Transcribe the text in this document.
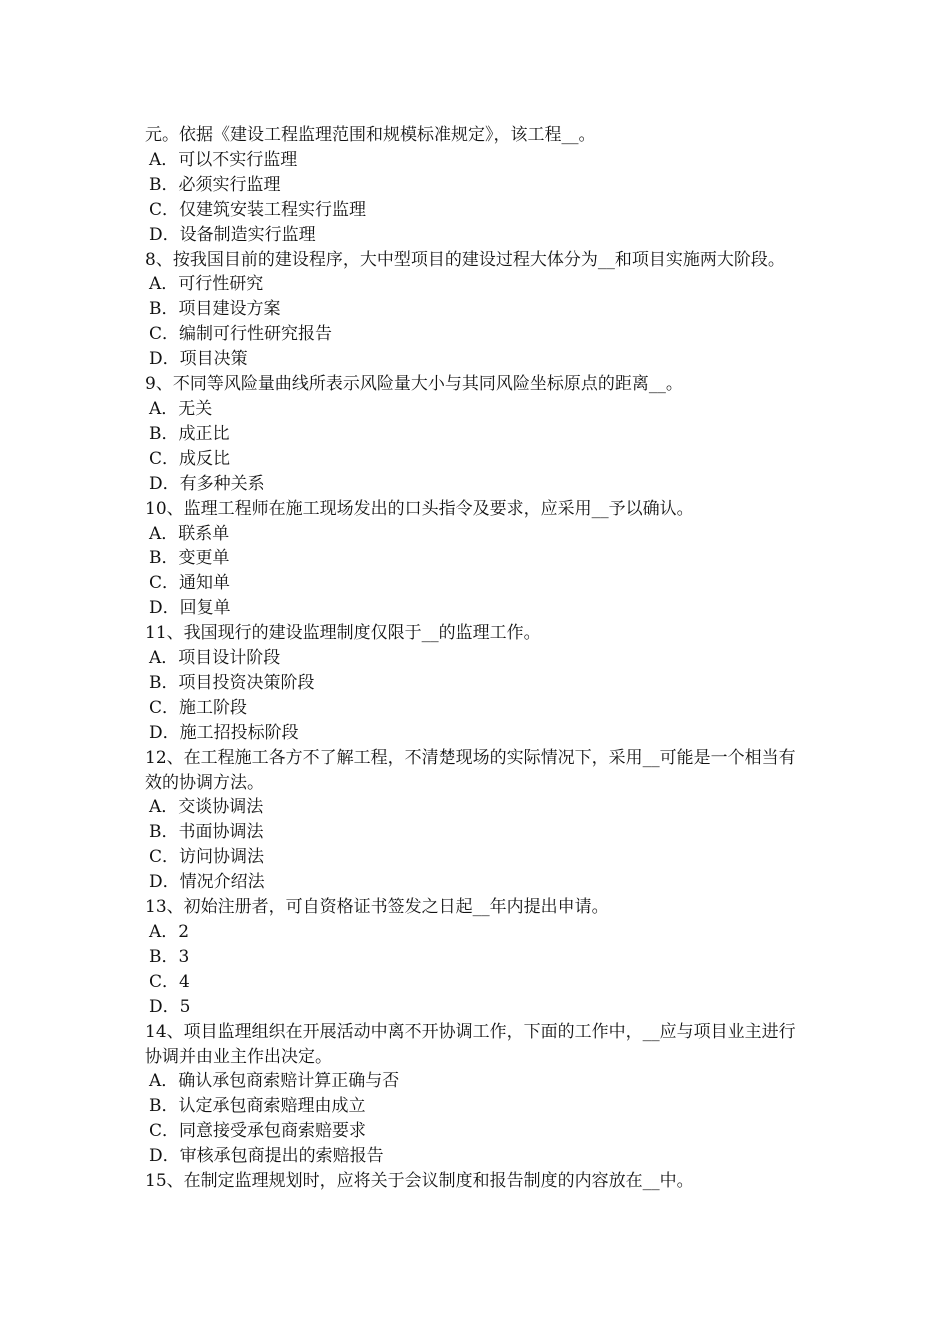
元。依据《建设工程监理范围和规模标准规定》，该工程__。

A．可以不实行监理

B．必须实行监理

C．仅建筑安装工程实行监理

D．设备制造实行监理

8、按我国目前的建设程序，大中型项目的建设过程大体分为__和项目实施两大阶段。

A．可行性研究

B．项目建设方案

C．编制可行性研究报告

D．项目决策

9、不同等风险量曲线所表示风险量大小与其同风险坐标原点的距离__。

A．无关

B．成正比

C．成反比

D．有多种关系

10、监理工程师在施工现场发出的口头指令及要求，应采用__予以确认。

A．联系单

B．变更单

C．通知单

D．回复单

11、我国现行的建设监理制度仅限于__的监理工作。

A．项目设计阶段

B．项目投资决策阶段

C．施工阶段

D．施工招投标阶段

12、在工程施工各方不了解工程，不清楚现场的实际情况下，采用__可能是一个相当有效的协调方法。

A．交谈协调法

B．书面协调法

C．访问协调法

D．情况介绍法

13、初始注册者，可自资格证书签发之日起__年内提出申请。

A．2

B．3

C．4

D．5

14、项目监理组织在开展活动中离不开协调工作，下面的工作中，__应与项目业主进行协调并由业主作出决定。

A．确认承包商索赔计算正确与否

B．认定承包商索赔理由成立

C．同意接受承包商索赔要求

D．审核承包商提出的索赔报告

15、在制定监理规划时，应将关于会议制度和报告制度的内容放在__中。
